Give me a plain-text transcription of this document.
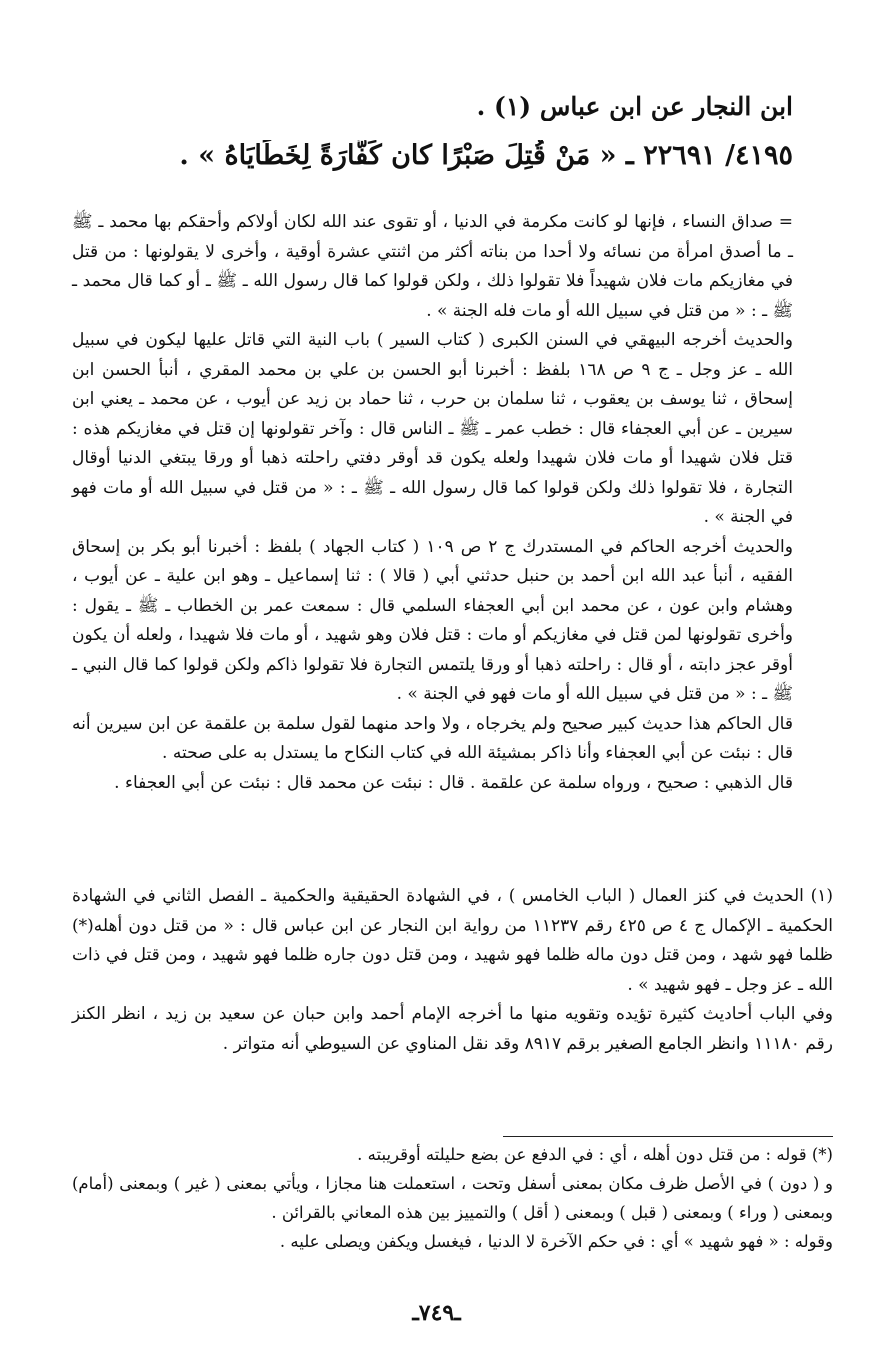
ابن النجار عن ابن عباس (١) .
٤١٩٥/ ٢٢٦٩١ ـ « مَنْ قُتِلَ صَبْرًا كان كَفَّارَةً لِخَطَايَاهُ » .

= صداق النساء ، فإنها لو كانت مكرمة في الدنيا ، أو تقوى عند الله لكان أولاكم وأحقكم بها محمد ـ ﷺ ـ ما أصدق امرأة من نسائه ولا أحدا من بناته أكثر من اثنتي عشرة أوقية ، وأخرى لا يقولونها : من قتل في مغازيكم مات فلان شهيداً فلا تقولوا ذلك ، ولكن قولوا كما قال رسول الله ـ ﷺ ـ أو كما قال محمد ـ ﷺ ـ : « من قتل في سبيل الله أو مات فله الجنة » .

والحديث أخرجه البيهقي في السنن الكبرى ( كتاب السير ) باب النية التي قاتل عليها ليكون في سبيل الله ـ عز وجل ـ ج ٩ ص ١٦٨ بلفظ : أخبرنا أبو الحسن بن علي بن محمد المقري ، أنبأ الحسن ابن إسحاق ، ثنا يوسف بن يعقوب ، ثنا سلمان بن حرب ، ثنا حماد بن زيد عن أيوب ، عن محمد ـ يعني ابن سيرين ـ عن أبي العجفاء قال : خطب عمر ـ ﷺ ـ الناس قال : وآخر تقولونها إن قتل في مغازيكم هذه : قتل فلان شهيدا أو مات فلان شهيدا ولعله يكون قد أوقر دفتي راحلته ذهبا أو ورقا يبتغي الدنيا أوقال التجارة ، فلا تقولوا ذلك ولكن قولوا كما قال رسول الله ـ ﷺ ـ : « من قتل في سبيل الله أو مات فهو في الجنة » .

والحديث أخرجه الحاكم في المستدرك ج ٢ ص ١٠٩ ( كتاب الجهاد ) بلفظ : أخبرنا أبو بكر بن إسحاق الفقيه ، أنبأ عبد الله ابن أحمد بن حنبل حدثني أبي ( قالا ) : ثنا إسماعيل ـ وهو ابن علية ـ عن أيوب ، وهشام وابن عون ، عن محمد ابن أبي العجفاء السلمي قال : سمعت عمر بن الخطاب ـ ﷺ ـ يقول : وأخرى تقولونها لمن قتل في مغازيكم أو مات : قتل فلان وهو شهيد ، أو مات فلا شهيدا ، ولعله أن يكون أوقر عجز دابته ، أو قال : راحلته ذهبا أو ورقا يلتمس التجارة فلا تقولوا ذاكم ولكن قولوا كما قال النبي ـ ﷺ ـ : « من قتل في سبيل الله أو مات فهو في الجنة » .

قال الحاكم هذا حديث كبير صحيح ولم يخرجاه ، ولا واحد منهما لقول سلمة بن علقمة عن ابن سيرين أنه قال : نبئت عن أبي العجفاء وأنا ذاكر بمشيئة الله في كتاب النكاح ما يستدل به على صحته .

قال الذهبي : صحيح ، ورواه سلمة عن علقمة . قال : نبئت عن محمد قال : نبئت عن أبي العجفاء .

(١) الحديث في كنز العمال ( الباب الخامس ) ، في الشهادة الحقيقية والحكمية ـ الفصل الثاني في الشهادة الحكمية ـ الإكمال ج ٤ ص ٤٢٥ رقم ١١٢٣٧ من رواية ابن النجار عن ابن عباس قال : « من قتل دون أهله(*) ظلما فهو شهد ، ومن قتل دون ماله ظلما فهو شهيد ، ومن قتل دون جاره ظلما فهو شهيد ، ومن قتل في ذات الله ـ عز وجل ـ فهو شهيد » .

وفي الباب أحاديث كثيرة تؤيده وتقويه منها ما أخرجه الإمام أحمد وابن حبان عن سعيد بن زيد ، انظر الكنز رقم ١١١٨٠ وانظر الجامع الصغير برقم ٨٩١٧ وقد نقل المناوي عن السيوطي أنه متواتر .

(*) قوله : من قتل دون أهله ، أي : في الدفع عن بضع حليلته أوقريبته .

و ( دون ) في الأصل ظرف مكان بمعنى أسفل وتحت ، استعملت هنا مجازا ، ويأتي بمعنى ( غير ) وبمعنى (أمام) وبمعنى ( وراء ) وبمعنى ( قبل ) وبمعنى ( أقل ) والتمييز بين هذه المعاني بالقرائن .

وقوله : « فهو شهيد » أي : في حكم الآخرة لا الدنيا ، فيغسل ويكفن ويصلى عليه .

ـ٧٤٩ـ
